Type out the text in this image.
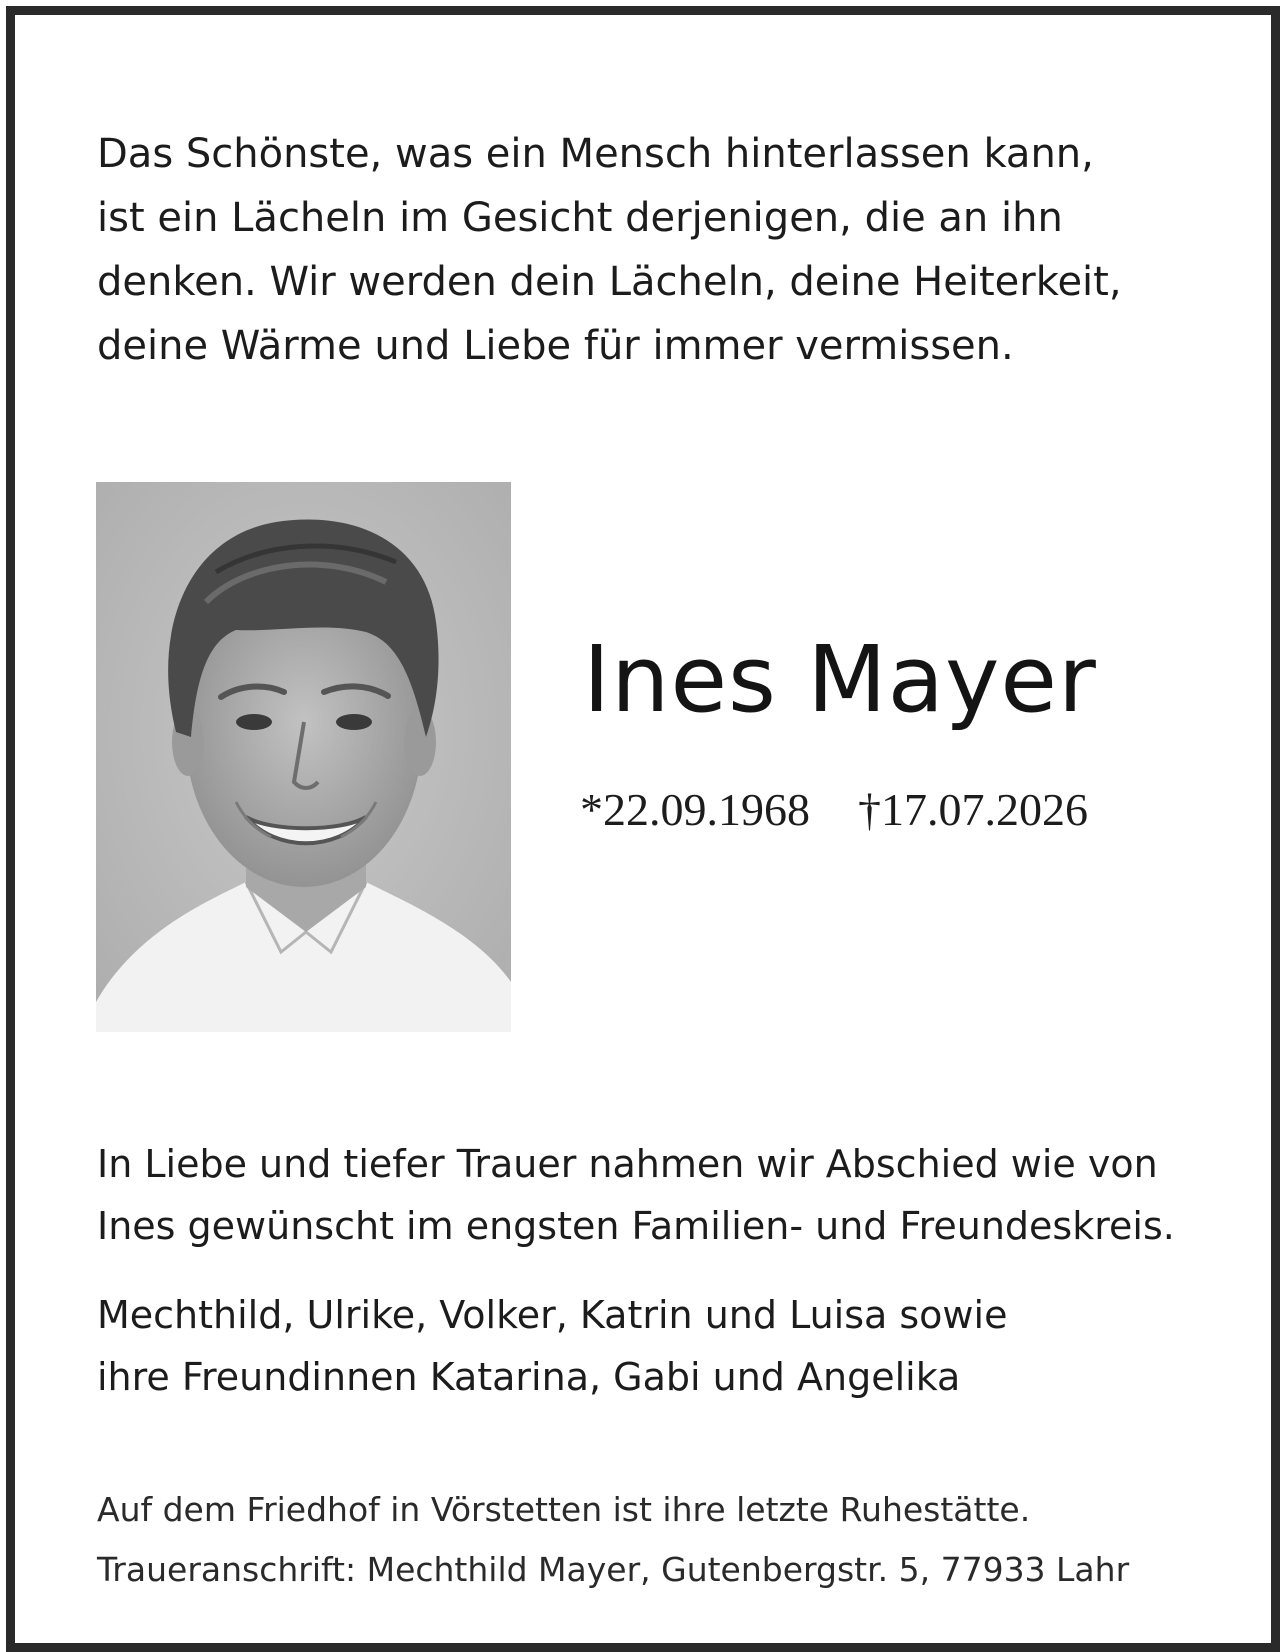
Das Schönste, was ein Mensch hinterlassen kann,
ist ein Lächeln im Gesicht derjenigen, die an ihn
denken. Wir werden dein Lächeln, deine Heiterkeit,
deine Wärme und Liebe für immer vermissen.

Ines Mayer
*22.09.1968 †17.07.2026

In Liebe und tiefer Trauer nahmen wir Abschied wie von
Ines gewünscht im engsten Familien- und Freundeskreis.

Mechthild, Ulrike, Volker, Katrin und Luisa sowie
ihre Freundinnen Katarina, Gabi und Angelika

Auf dem Friedhof in Vörstetten ist ihre letzte Ruhestätte.
Traueranschrift: Mechthild Mayer, Gutenbergstr. 5, 77933 Lahr
